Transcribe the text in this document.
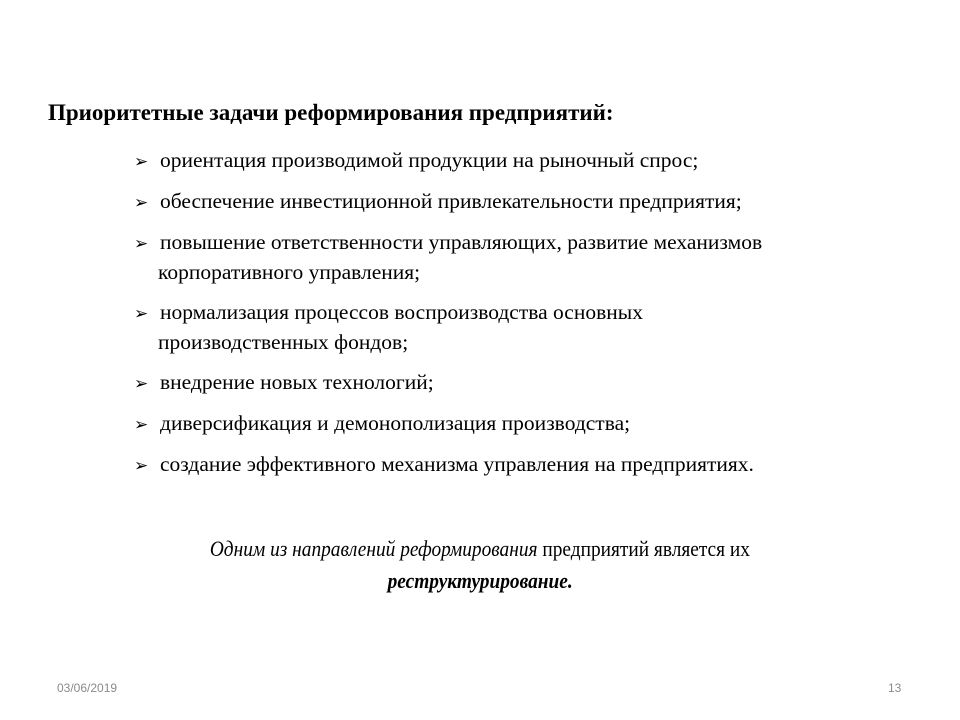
Приоритетные задачи реформирования предприятий:
➢ ориентация производимой продукции на рыночный спрос;
➢ обеспечение инвестиционной привлекательности предприятия;
➢ повышение ответственности управляющих, развитие механизмов
корпоративного управления;
➢ нормализация процессов воспроизводства основных
производственных фондов;
➢ внедрение новых технологий;
➢ диверсификация и демонополизация производства;
➢ создание эффективного механизма управления на предприятиях.
Одним из направлений реформирования предприятий является их
реструктурирование.
03/06/2019	13
